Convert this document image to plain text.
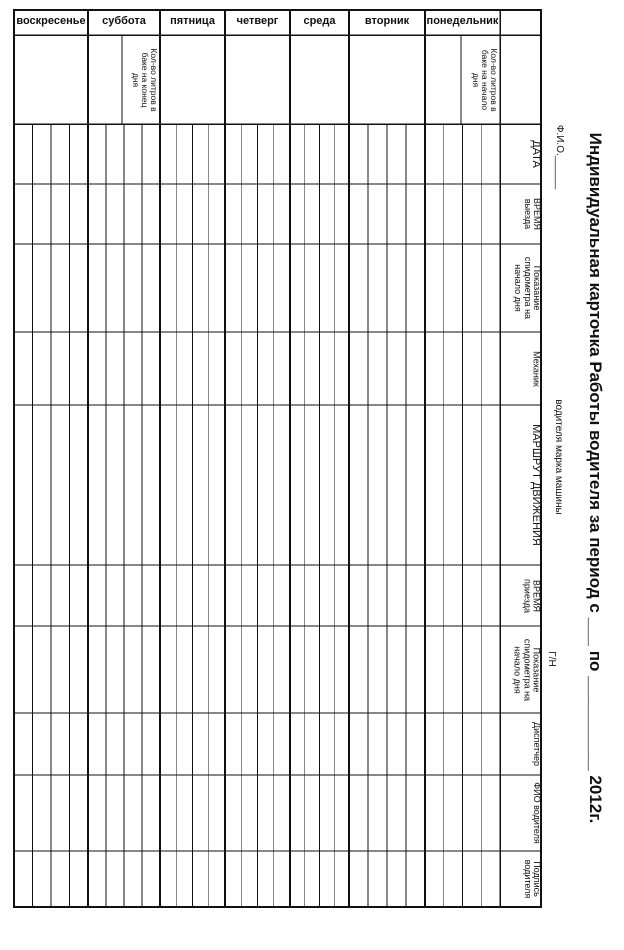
Индивидуальная карточка Работы водителя за период с ___ по __________ 2012г.
Ф.И.О.______
водителя марка машины
Г/Н
ДАТА
ВРЕМЯ
выезда
Показание
спидометра на
начало дня
Механик
МАРШРУТ ДВИЖЕНИЯ
ВРЕМЯ
приезда
Показание
спидометра на
начало дня
Диспетчер
ФИО водителя
Подпись
водителя
понедельник
вторник
среда
четверг
пятница
суббота
воскресенье
Кол-во литров в
баке на начало
дня
Кол-во литров в
баке на конец
дня
